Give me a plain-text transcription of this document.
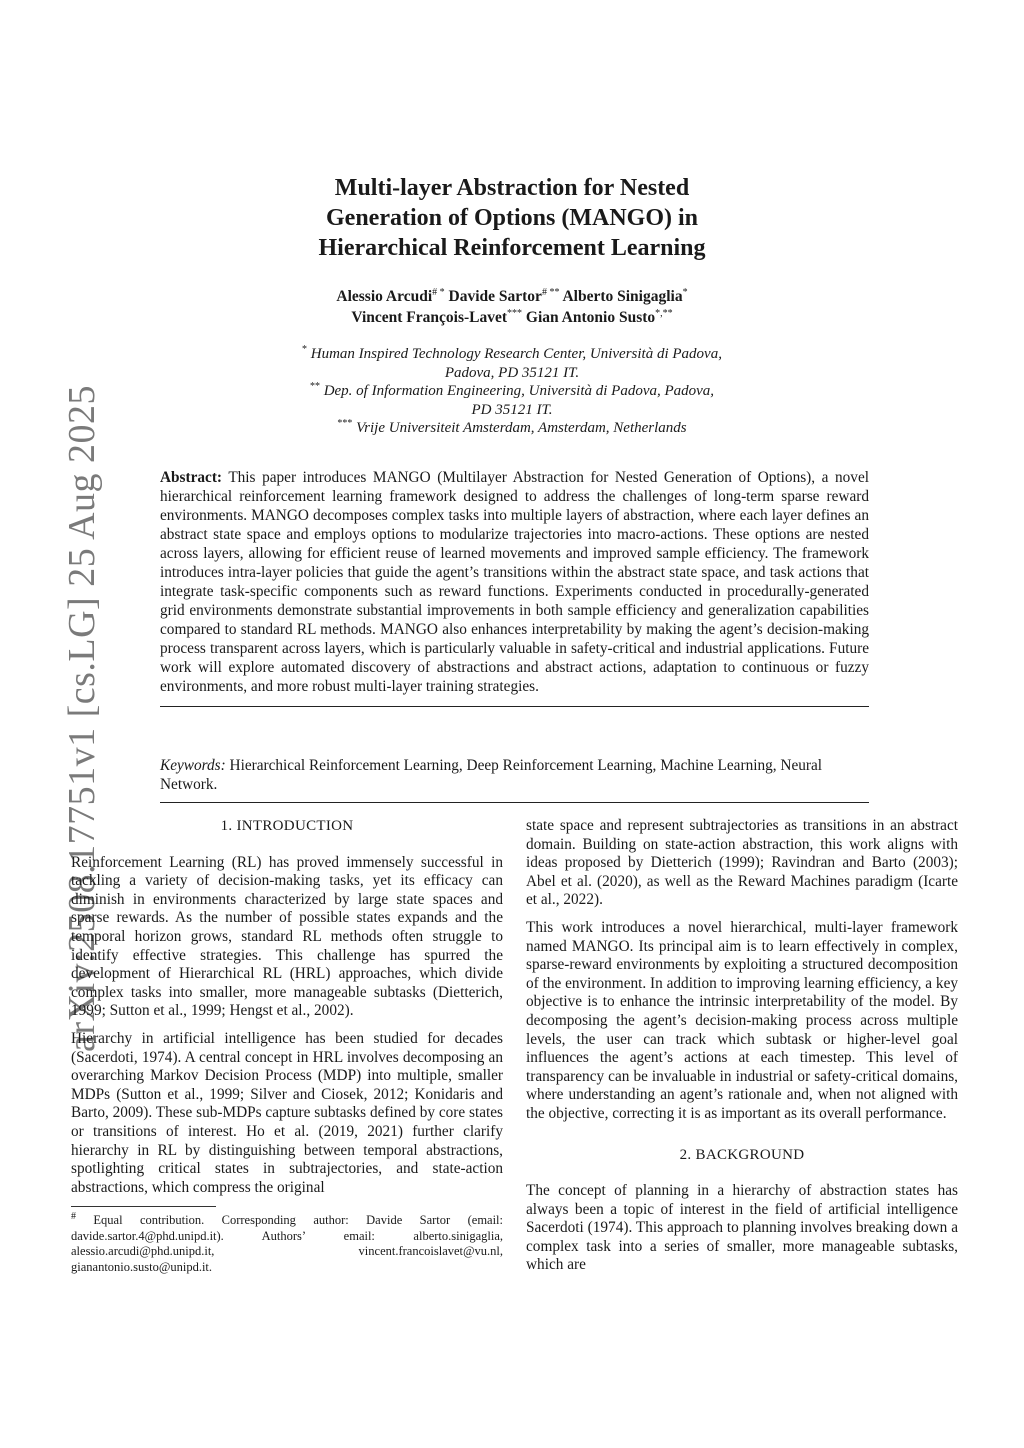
arXiv:2508.17751v1 [cs.LG] 25 Aug 2025
Multi-layer Abstraction for Nested
Generation of Options (MANGO) in
Hierarchical Reinforcement Learning
Alessio Arcudi# * Davide Sartor# ** Alberto Sinigaglia*
Vincent François-Lavet*** Gian Antonio Susto*,**
* Human Inspired Technology Research Center, Università di Padova,
Padova, PD 35121 IT.
** Dep. of Information Engineering, Università di Padova, Padova,
PD 35121 IT.
*** Vrije Universiteit Amsterdam, Amsterdam, Netherlands
Abstract: This paper introduces MANGO (Multilayer Abstraction for Nested Generation of Options), a novel hierarchical reinforcement learning framework designed to address the challenges of long-term sparse reward environments. MANGO decomposes complex tasks into multiple layers of abstraction, where each layer defines an abstract state space and employs options to modularize trajectories into macro-actions. These options are nested across layers, allowing for efficient reuse of learned movements and improved sample efficiency. The framework introduces intra-layer policies that guide the agent’s transitions within the abstract state space, and task actions that integrate task-specific components such as reward functions. Experiments conducted in procedurally-generated grid environments demonstrate substantial improvements in both sample efficiency and generalization capabilities compared to standard RL methods. MANGO also enhances interpretability by making the agent’s decision-making process transparent across layers, which is particularly valuable in safety-critical and industrial applications. Future work will explore automated discovery of abstractions and abstract actions, adaptation to continuous or fuzzy environments, and more robust multi-layer training strategies.
Keywords: Hierarchical Reinforcement Learning, Deep Reinforcement Learning, Machine Learning, Neural Network.
1. INTRODUCTION

Reinforcement Learning (RL) has proved immensely successful in tackling a variety of decision-making tasks, yet its efficacy can diminish in environments characterized by large state spaces and sparse rewards. As the number of possible states expands and the temporal horizon grows, standard RL methods often struggle to identify effective strategies. This challenge has spurred the development of Hierarchical RL (HRL) approaches, which divide complex tasks into smaller, more manageable subtasks (Dietterich, 1999; Sutton et al., 1999; Hengst et al., 2002).

Hierarchy in artificial intelligence has been studied for decades (Sacerdoti, 1974). A central concept in HRL involves decomposing an overarching Markov Decision Process (MDP) into multiple, smaller MDPs (Sutton et al., 1999; Silver and Ciosek, 2012; Konidaris and Barto, 2009). These sub-MDPs capture subtasks defined by core states or transitions of interest. Ho et al. (2019, 2021) further clarify hierarchy in RL by distinguishing between temporal abstractions, spotlighting critical states in subtrajectories, and state-action abstractions, which compress the original

# Equal contribution. Corresponding author: Davide Sartor (email: davide.sartor.4@phd.unipd.it). Authors’ email: alberto.sinigaglia, alessio.arcudi@phd.unipd.it, vincent.francoislavet@vu.nl, gianantonio.susto@unipd.it.

state space and represent subtrajectories as transitions in an abstract domain. Building on state-action abstraction, this work aligns with ideas proposed by Dietterich (1999); Ravindran and Barto (2003); Abel et al. (2020), as well as the Reward Machines paradigm (Icarte et al., 2022).

This work introduces a novel hierarchical, multi-layer framework named MANGO. Its principal aim is to learn effectively in complex, sparse-reward environments by exploiting a structured decomposition of the environment. In addition to improving learning efficiency, a key objective is to enhance the intrinsic interpretability of the model. By decomposing the agent’s decision-making process across multiple levels, the user can track which subtask or higher-level goal influences the agent’s actions at each timestep. This level of transparency can be invaluable in industrial or safety-critical domains, where understanding an agent’s rationale and, when not aligned with the objective, correcting it is as important as its overall performance.

2. BACKGROUND

The concept of planning in a hierarchy of abstraction states has always been a topic of interest in the field of artificial intelligence Sacerdoti (1974). This approach to planning involves breaking down a complex task into a series of smaller, more manageable subtasks, which are
